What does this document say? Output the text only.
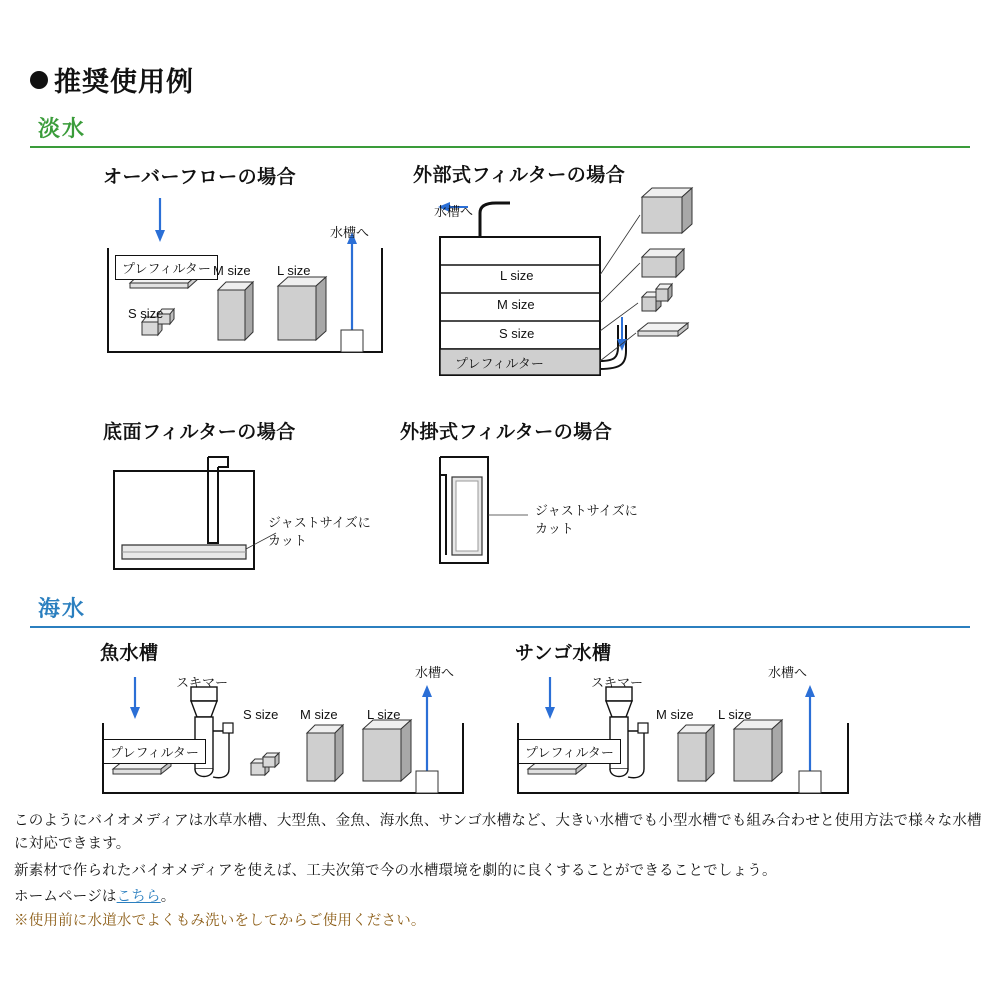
推奨使用例
淡水
オーバーフローの場合
プレフィルター
S size
M size L size
水槽へ
外部式フィルターの場合
水槽へ
L size
M size
S size
プレフィルター
底面フィルターの場合
ジャストサイズに
カット
外掛式フィルターの場合
ジャストサイズに
カット
海水
魚水槽
スキマー
プレフィルター
S size M size L size
水槽へ
サンゴ水槽
スキマー
プレフィルター
M size L size
水槽へ
このようにバイオメディアは水草水槽、大型魚、金魚、海水魚、サンゴ水槽など、大きい水槽でも小型水槽でも組み合わせと使用方法で様々な水槽
に対応できます。
新素材で作られたバイオメディアを使えば、工夫次第で今の水槽環境を劇的に良くすることができることでしょう。
ホームページはこちら。
※使用前に水道水でよくもみ洗いをしてからご使用ください。
